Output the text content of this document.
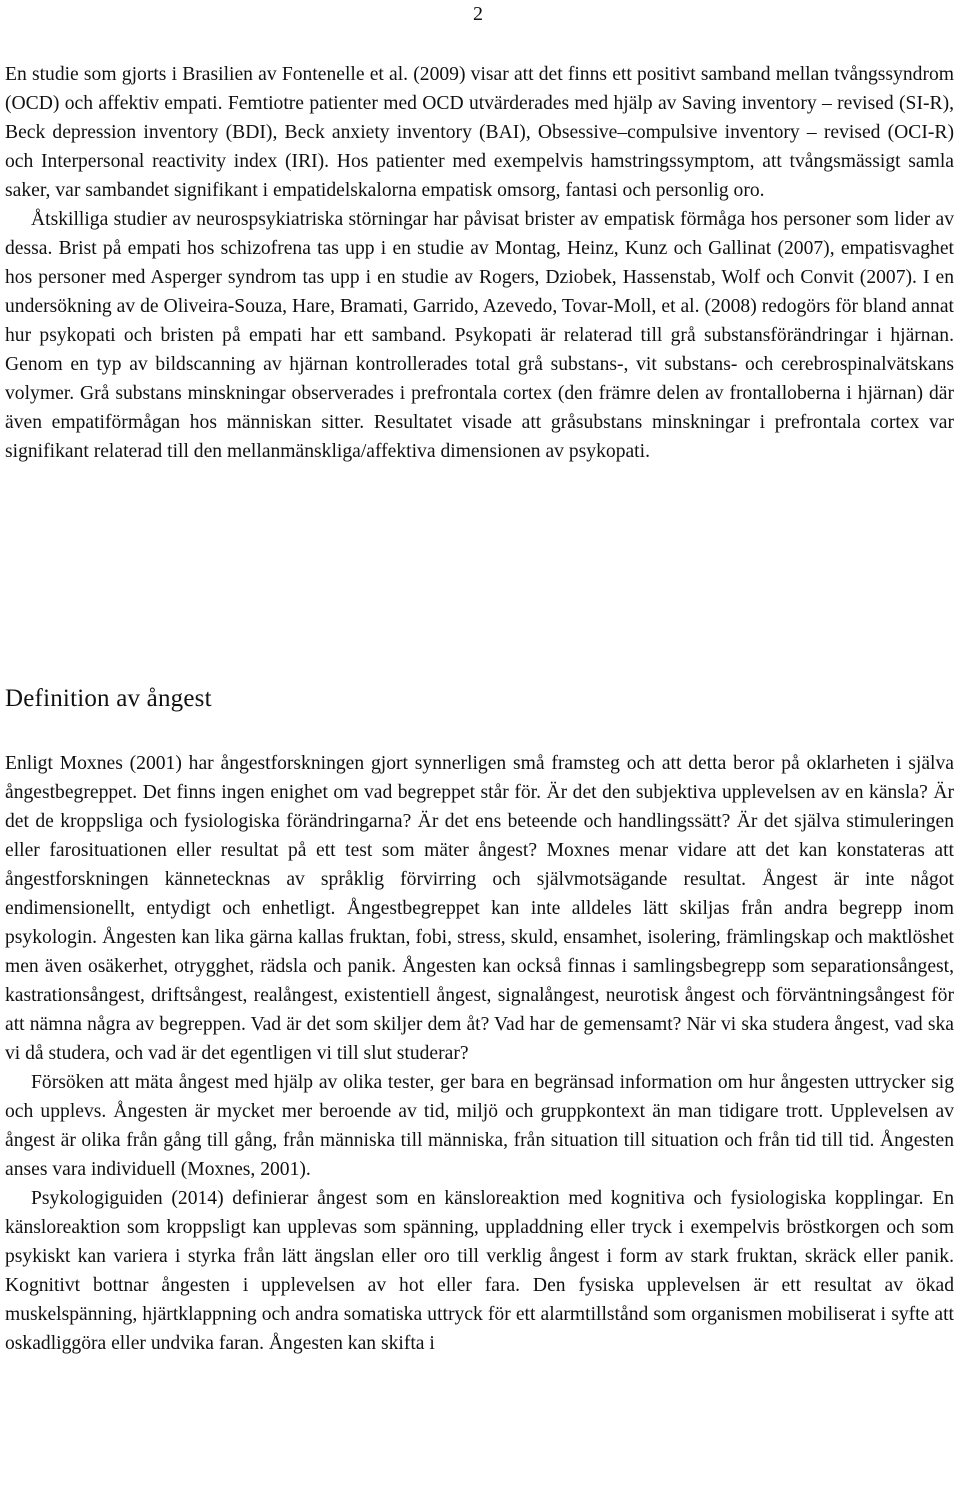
2

En studie som gjorts i Brasilien av Fontenelle et al. (2009) visar att det finns ett positivt samband mellan tvångssyndrom (OCD) och affektiv empati. Femtiotre patienter med OCD utvärderades med hjälp av Saving inventory – revised (SI-R), Beck depression inventory (BDI), Beck anxiety inventory (BAI), Obsessive–compulsive inventory – revised (OCI-R) och Interpersonal reactivity index (IRI). Hos patienter med exempelvis hamstringssymptom, att tvångsmässigt samla saker, var sambandet signifikant i empatidelskalorna empatisk omsorg, fantasi och personlig oro.

Åtskilliga studier av neurospsykiatriska störningar har påvisat brister av empatisk förmåga hos personer som lider av dessa. Brist på empati hos schizofrena tas upp i en studie av Montag, Heinz, Kunz och Gallinat (2007), empatisvaghet hos personer med Asperger syndrom tas upp i en studie av Rogers, Dziobek, Hassenstab, Wolf och Convit (2007). I en undersökning av de Oliveira-Souza, Hare, Bramati, Garrido, Azevedo, Tovar-Moll, et al. (2008) redogörs för bland annat hur psykopati och bristen på empati har ett samband. Psykopati är relaterad till grå substansförändringar i hjärnan. Genom en typ av bildscanning av hjärnan kontrollerades total grå substans-, vit substans- och cerebrospinalvätskans volymer. Grå substans minskningar observerades i prefrontala cortex (den främre delen av frontalloberna i hjärnan) där även empatiförmågan hos människan sitter. Resultatet visade att gråsubstans minskningar i prefrontala cortex var signifikant relaterad till den mellanmänskliga/affektiva dimensionen av psykopati.

Definition av ångest

Enligt Moxnes (2001) har ångestforskningen gjort synnerligen små framsteg och att detta beror på oklarheten i själva ångestbegreppet. Det finns ingen enighet om vad begreppet står för. Är det den subjektiva upplevelsen av en känsla? Är det de kroppsliga och fysiologiska förändringarna? Är det ens beteende och handlingssätt? Är det själva stimuleringen eller farosituationen eller resultat på ett test som mäter ångest? Moxnes menar vidare att det kan konstateras att ångestforskningen kännetecknas av språklig förvirring och självmotsägande resultat. Ångest är inte något endimensionellt, entydigt och enhetligt. Ångestbegreppet kan inte alldeles lätt skiljas från andra begrepp inom psykologin. Ångesten kan lika gärna kallas fruktan, fobi, stress, skuld, ensamhet, isolering, främlingskap och maktlöshet men även osäkerhet, otrygghet, rädsla och panik. Ångesten kan också finnas i samlingsbegrepp som separationsångest, kastrationsångest, driftsångest, realångest, existentiell ångest, signalångest, neurotisk ångest och förväntningsångest för att nämna några av begreppen. Vad är det som skiljer dem åt? Vad har de gemensamt? När vi ska studera ångest, vad ska vi då studera, och vad är det egentligen vi till slut studerar?

Försöken att mäta ångest med hjälp av olika tester, ger bara en begränsad information om hur ångesten uttrycker sig och upplevs. Ångesten är mycket mer beroende av tid, miljö och gruppkontext än man tidigare trott. Upplevelsen av ångest är olika från gång till gång, från människa till människa, från situation till situation och från tid till tid. Ångesten anses vara individuell (Moxnes, 2001).

Psykologiguiden (2014) definierar ångest som en känsloreaktion med kognitiva och fysiologiska kopplingar. En känsloreaktion som kroppsligt kan upplevas som spänning, uppladdning eller tryck i exempelvis bröstkorgen och som psykiskt kan variera i styrka från lätt ängslan eller oro till verklig ångest i form av stark fruktan, skräck eller panik. Kognitivt bottnar ångesten i upplevelsen av hot eller fara. Den fysiska upplevelsen är ett resultat av ökad muskelspänning, hjärtklappning och andra somatiska uttryck för ett alarmtillstånd som organismen mobiliserat i syfte att oskadliggöra eller undvika faran. Ångesten kan skifta i
